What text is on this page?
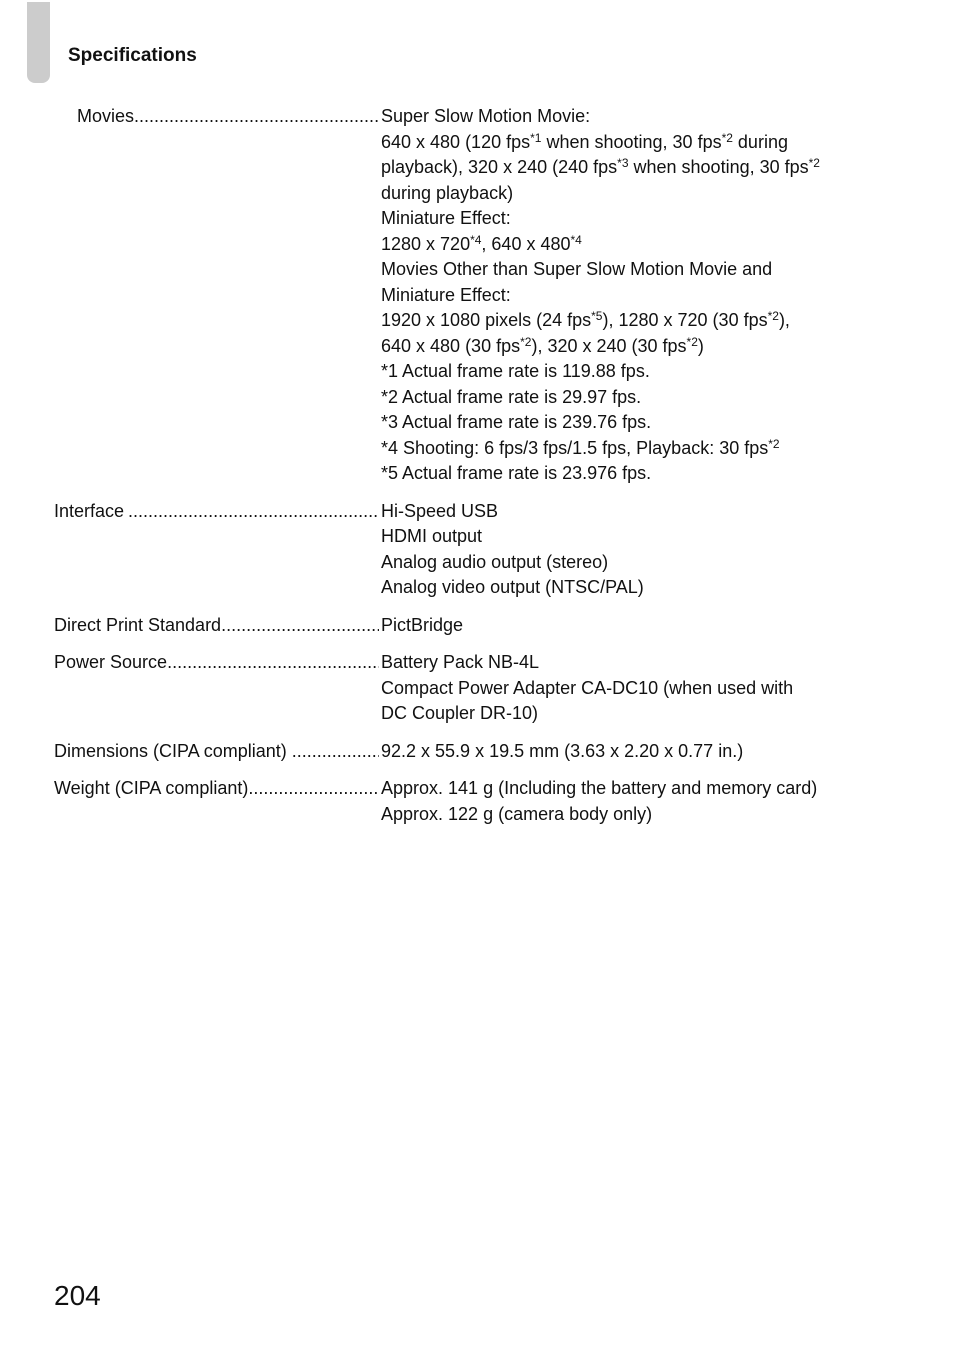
Specifications
Movies .....	Super Slow Motion Movie:
640 x 480 (120 fps$^{*1}$ when shooting, 30 fps$^{*2}$ during
playback), 320 x 240 (240 fps$^{*3}$ when shooting, 30 fps$^{*2}$
during playback)
Miniature Effect:
1280 x 720$^{*4}$, 640 x 480$^{*4}$
Movies Other than Super Slow Motion Movie and
Miniature Effect:
1920 x 1080 pixels (24 fps$^{*5}$), 1280 x 720 (30 fps$^{*2}$),
640 x 480 (30 fps$^{*2}$), 320 x 240 (30 fps$^{*2}$)
*1 Actual frame rate is 119.88 fps.
*2 Actual frame rate is 29.97 fps.
*3 Actual frame rate is 239.76 fps.
*4 Shooting: 6 fps/3 fps/1.5 fps, Playback: 30 fps$^{*2}$
*5 Actual frame rate is 23.976 fps.
Interface .....	Hi-Speed USB
HDMI output
Analog audio output (stereo)
Analog video output (NTSC/PAL)
Direct Print Standard .....	PictBridge
Power Source .....	Battery Pack NB-4L
Compact Power Adapter CA-DC10 (when used with
DC Coupler DR-10)
Dimensions (CIPA compliant) .....	92.2 x 55.9 x 19.5 mm (3.63 x 2.20 x 0.77 in.)
Weight (CIPA compliant) .....	Approx. 141 g (Including the battery and memory card)
Approx. 122 g (camera body only)
204
